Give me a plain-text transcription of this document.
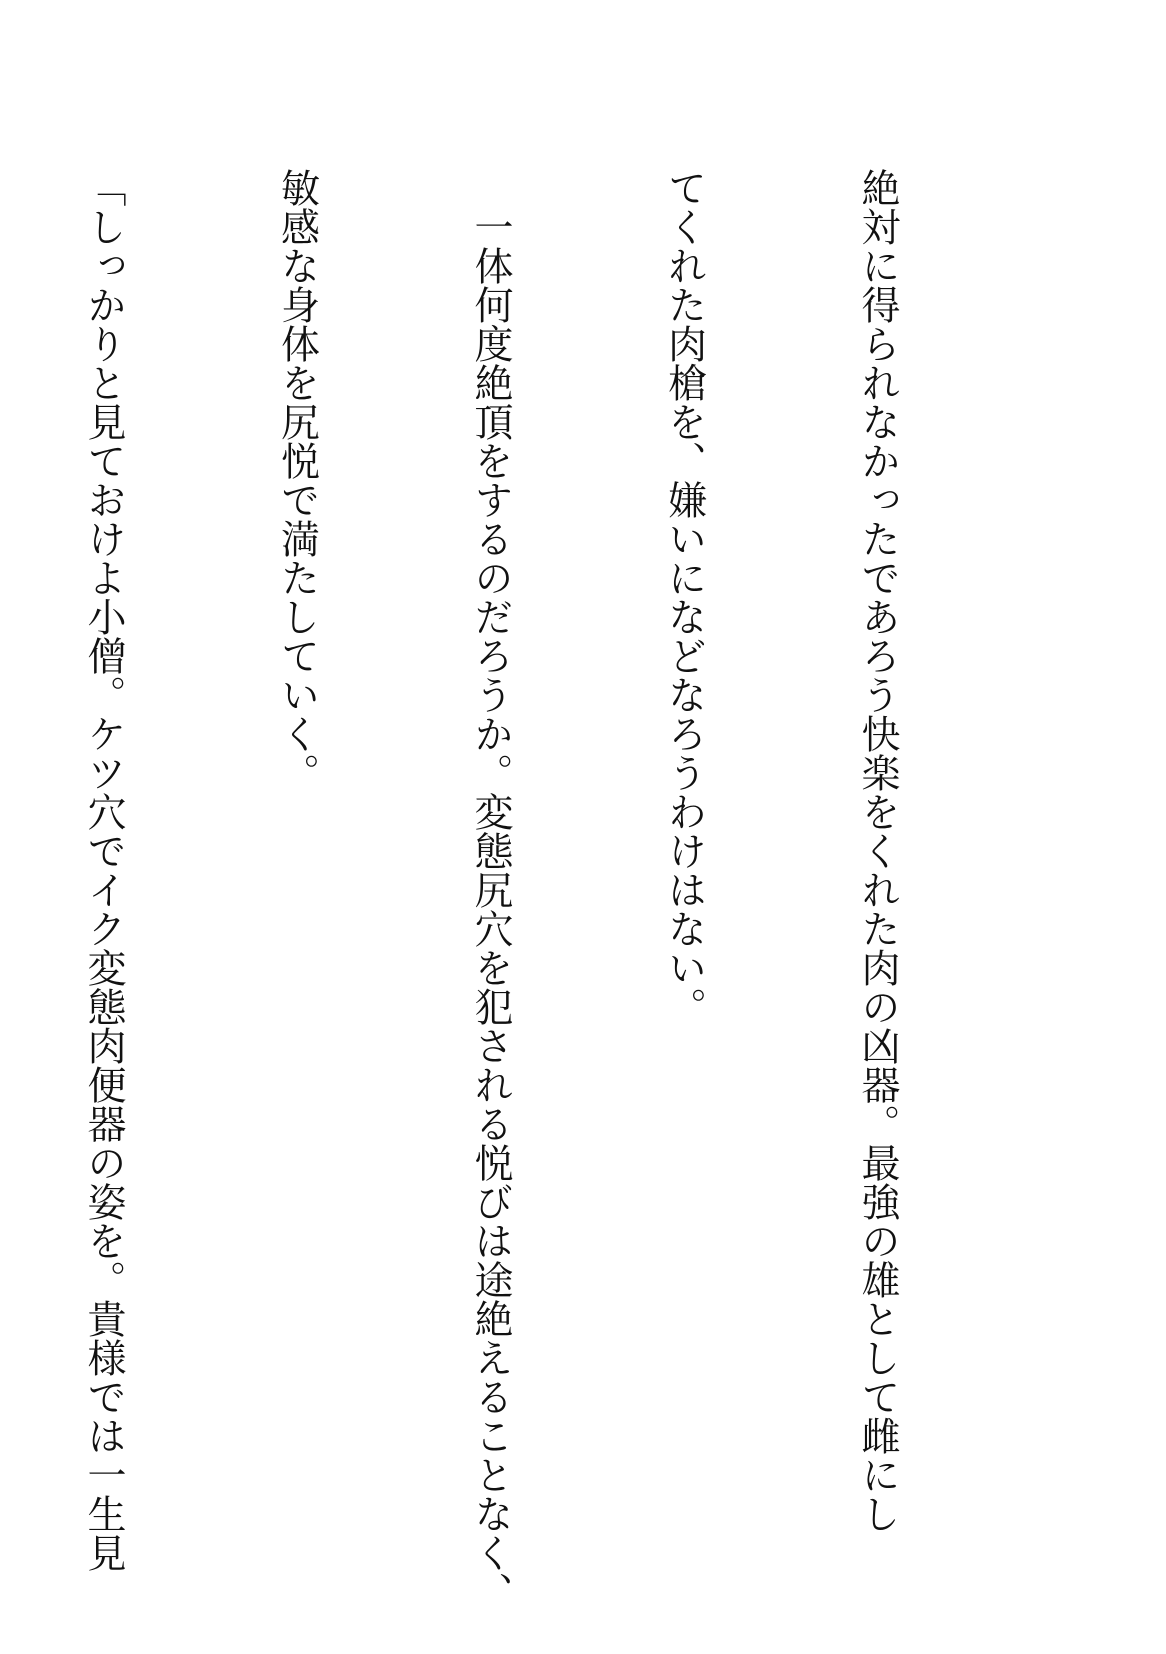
絶対に得られなかったであろう快楽をくれた肉の凶器。最強の雄として雌にし

てくれた肉槍を、嫌いになどなろうわけはない。

　一体何度絶頂をするのだろうか。変態尻穴を犯される悦びは途絶えることなく、

敏感な身体を尻悦で満たしていく。

「しっかりと見ておけよ小僧。ケツ穴でイク変態肉便器の姿を。貴様では一生見
